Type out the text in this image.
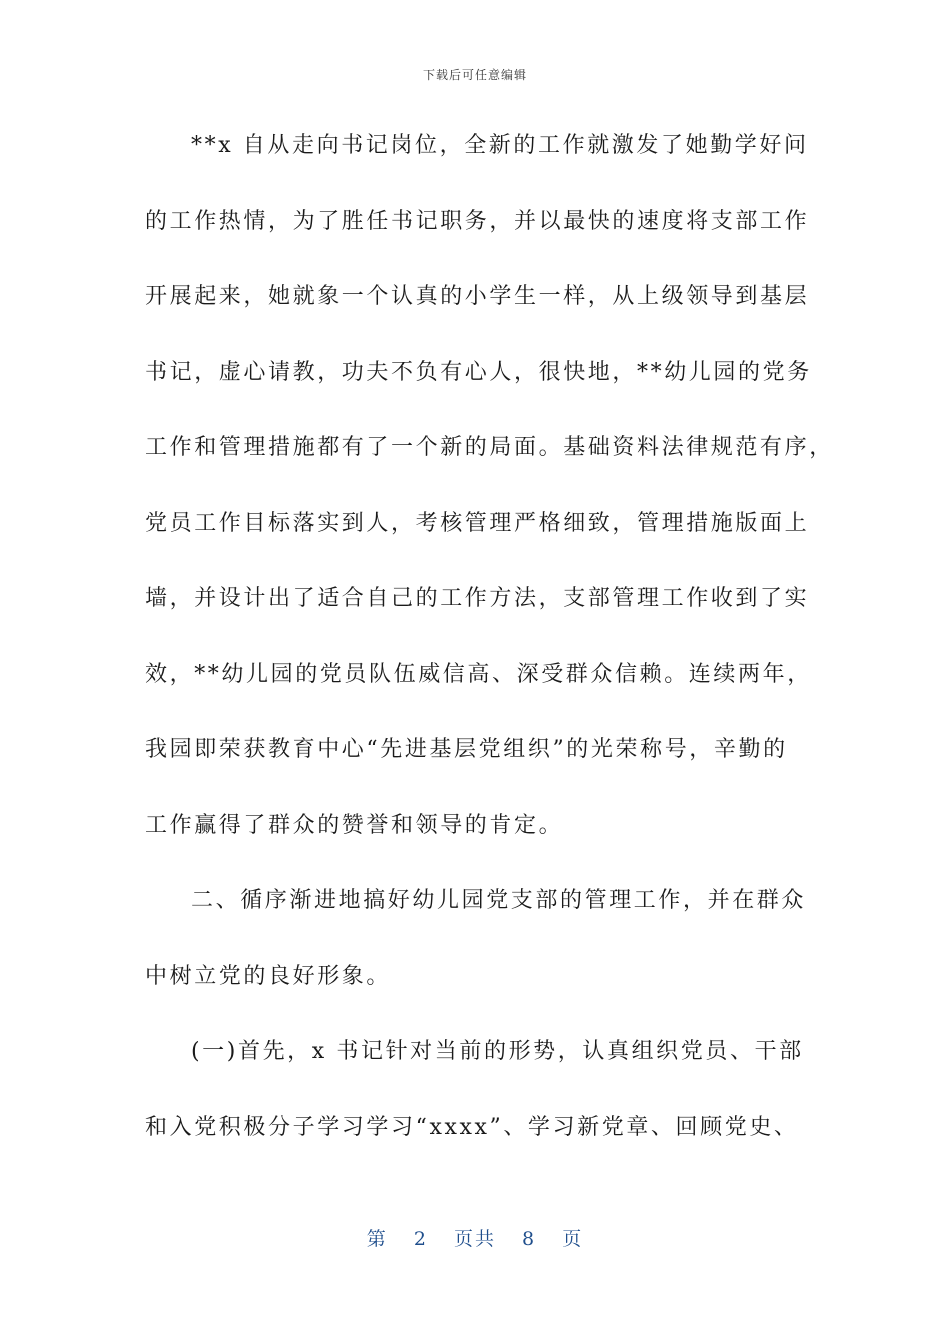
下载后可任意编辑
**x 自从走向书记岗位，全新的工作就激发了她勤学好问
的工作热情，为了胜任书记职务，并以最快的速度将支部工作
开展起来，她就象一个认真的小学生一样，从上级领导到基层
书记，虚心请教，功夫不负有心人，很快地，**幼儿园的党务
工作和管理措施都有了一个新的局面。基础资料法律规范有序，
党员工作目标落实到人，考核管理严格细致，管理措施版面上
墙，并设计出了适合自己的工作方法，支部管理工作收到了实
效，**幼儿园的党员队伍威信高、深受群众信赖。连续两年，
我园即荣获教育中心“先进基层党组织”的光荣称号，辛勤的
工作赢得了群众的赞誉和领导的肯定。
二、循序渐进地搞好幼儿园党支部的管理工作，并在群众
中树立党的良好形象。
(一)首先，x 书记针对当前的形势，认真组织党员、干部
和入党积极分子学习学习“xxxx”、学习新党章、回顾党史、
第 2 页共 8 页
